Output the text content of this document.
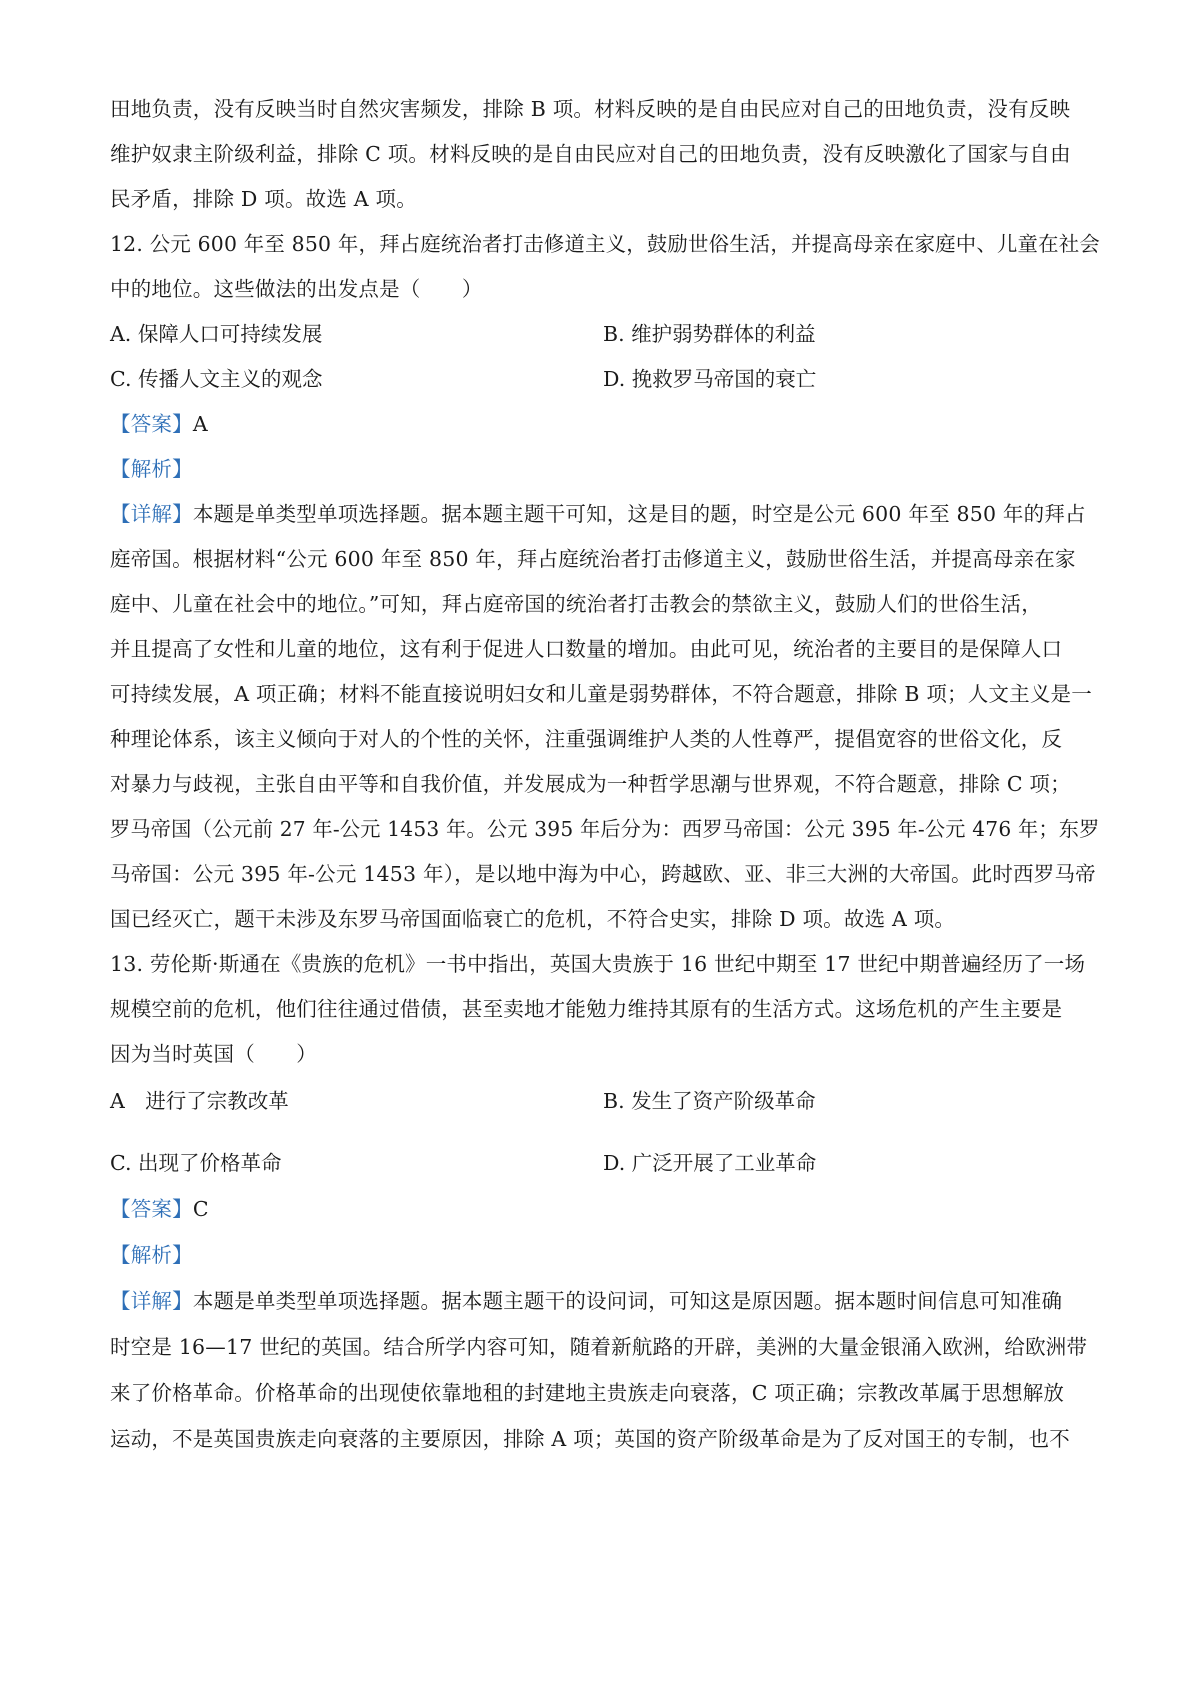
田地负责，没有反映当时自然灾害频发，排除 B 项。材料反映的是自由民应对自己的田地负责，没有反映
维护奴隶主阶级利益，排除 C 项。材料反映的是自由民应对自己的田地负责，没有反映激化了国家与自由
民矛盾，排除 D 项。故选 A 项。
12. 公元 600 年至 850 年，拜占庭统治者打击修道主义，鼓励世俗生活，并提高母亲在家庭中、儿童在社会
中的地位。这些做法的出发点是（　　）
A. 保障人口可持续发展	B. 维护弱势群体的利益
C. 传播人文主义的观念	D. 挽救罗马帝国的衰亡
【答案】A
【解析】
【详解】本题是单类型单项选择题。据本题主题干可知，这是目的题，时空是公元 600 年至 850 年的拜占
庭帝国。根据材料“公元 600 年至 850 年，拜占庭统治者打击修道主义，鼓励世俗生活，并提高母亲在家
庭中、儿童在社会中的地位。”可知，拜占庭帝国的统治者打击教会的禁欲主义，鼓励人们的世俗生活，
并且提高了女性和儿童的地位，这有利于促进人口数量的增加。由此可见，统治者的主要目的是保障人口
可持续发展，A 项正确；材料不能直接说明妇女和儿童是弱势群体，不符合题意，排除 B 项；人文主义是一
种理论体系，该主义倾向于对人的个性的关怀，注重强调维护人类的人性尊严，提倡宽容的世俗文化，反
对暴力与歧视，主张自由平等和自我价值，并发展成为一种哲学思潮与世界观，不符合题意，排除 C 项；
罗马帝国（公元前 27 年-公元 1453 年。公元 395 年后分为：西罗马帝国：公元 395 年-公元 476 年；东罗
马帝国：公元 395 年-公元 1453 年），是以地中海为中心，跨越欧、亚、非三大洲的大帝国。此时西罗马帝
国已经灭亡，题干未涉及东罗马帝国面临衰亡的危机，不符合史实，排除 D 项。故选 A 项。
13. 劳伦斯·斯通在《贵族的危机》一书中指出，英国大贵族于 16 世纪中期至 17 世纪中期普遍经历了一场
规模空前的危机，他们往往通过借债，甚至卖地才能勉力维持其原有的生活方式。这场危机的产生主要是
因为当时英国（　　）
A　进行了宗教改革	B. 发生了资产阶级革命
C. 出现了价格革命	D. 广泛开展了工业革命
【答案】C
【解析】
【详解】本题是单类型单项选择题。据本题主题干的设问词，可知这是原因题。据本题时间信息可知准确
时空是 16—17 世纪的英国。结合所学内容可知，随着新航路的开辟，美洲的大量金银涌入欧洲，给欧洲带
来了价格革命。价格革命的出现使依靠地租的封建地主贵族走向衰落，C 项正确；宗教改革属于思想解放
运动，不是英国贵族走向衰落的主要原因，排除 A 项；英国的资产阶级革命是为了反对国王的专制，也不
